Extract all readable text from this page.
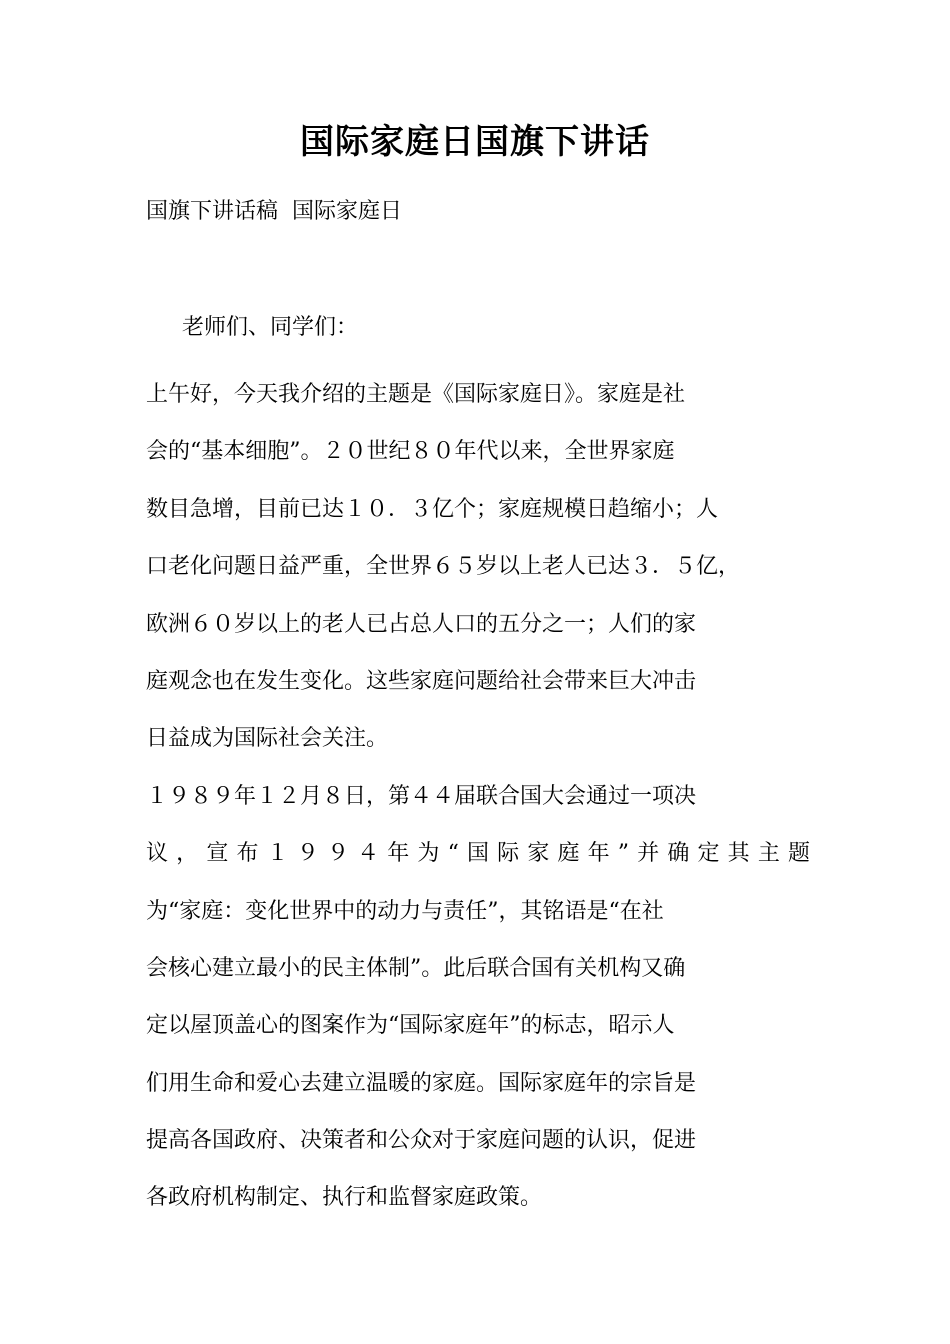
国际家庭日国旗下讲话
国旗下讲话稿  国际家庭日
老师们、同学们：
上午好，今天我介绍的主题是《国际家庭日》。家庭是社
会的“基本细胞”。２０世纪８０年代以来，全世界家庭
数目急增，目前已达１０．３亿个；家庭规模日趋缩小；人
口老化问题日益严重，全世界６５岁以上老人已达３．５亿，
欧洲６０岁以上的老人已占总人口的五分之一；人们的家
庭观念也在发生变化。这些家庭问题给社会带来巨大冲击
日益成为国际社会关注。
１９８９年１２月８日，第４４届联合国大会通过一项决
议，宣布１９９４年为“国际家庭年”并确定其主题
为“家庭：变化世界中的动力与责任”，其铭语是“在社
会核心建立最小的民主体制”。此后联合国有关机构又确
定以屋顶盖心的图案作为“国际家庭年”的标志，昭示人
们用生命和爱心去建立温暖的家庭。国际家庭年的宗旨是
提高各国政府、决策者和公众对于家庭问题的认识，促进
各政府机构制定、执行和监督家庭政策。
